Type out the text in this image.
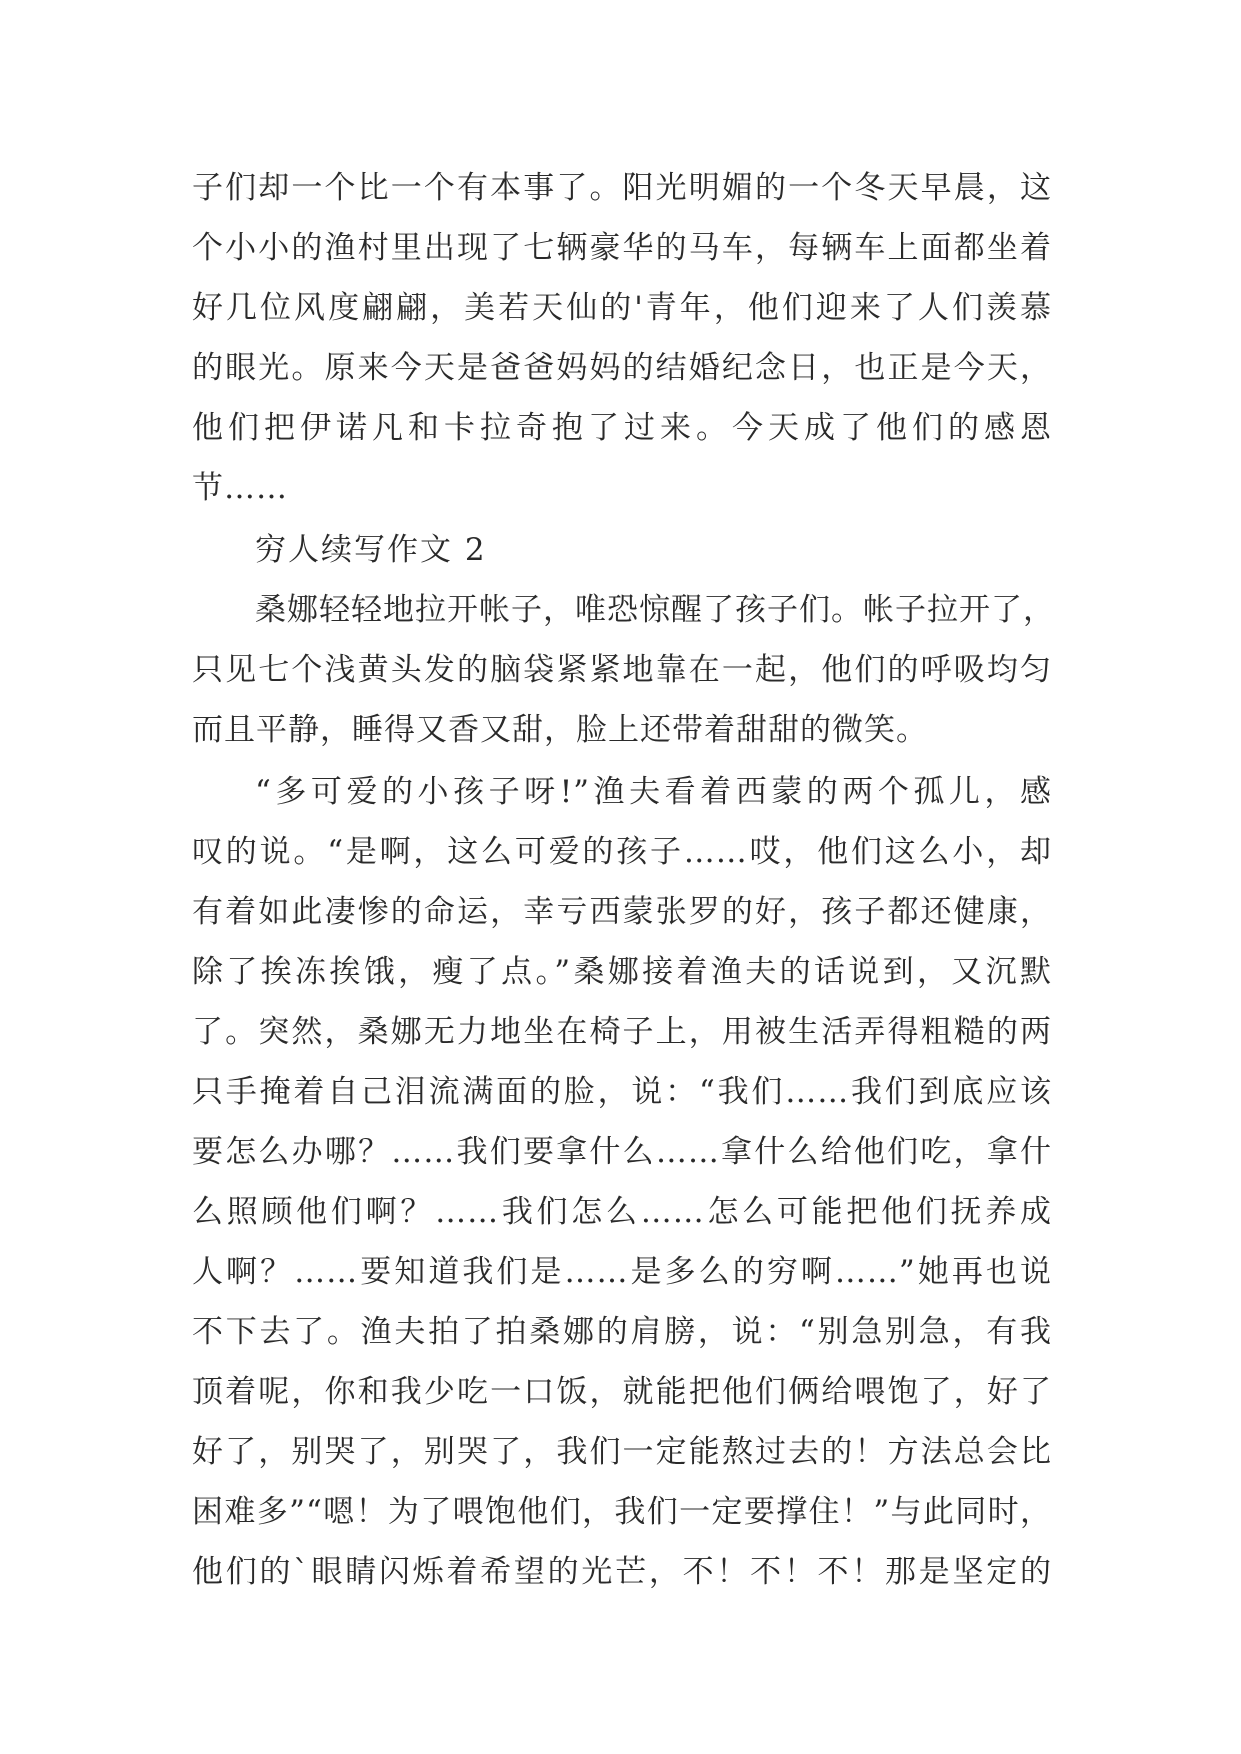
子们却一个比一个有本事了。阳光明媚的一个冬天早晨，这
个小小的渔村里出现了七辆豪华的马车，每辆车上面都坐着
好几位风度翩翩，美若天仙的'青年，他们迎来了人们羡慕
的眼光。原来今天是爸爸妈妈的结婚纪念日，也正是今天，
他们把伊诺凡和卡拉奇抱了过来。今天成了他们的感恩
节……
穷人续写作文 2
桑娜轻轻地拉开帐子，唯恐惊醒了孩子们。帐子拉开了，
只见七个浅黄头发的脑袋紧紧地靠在一起，他们的呼吸均匀
而且平静，睡得又香又甜，脸上还带着甜甜的微笑。
“多可爱的小孩子呀!”渔夫看着西蒙的两个孤儿，感
叹的说。“是啊，这么可爱的孩子……哎，他们这么小，却
有着如此凄惨的命运，幸亏西蒙张罗的好，孩子都还健康，
除了挨冻挨饿，瘦了点。”桑娜接着渔夫的话说到，又沉默
了。突然，桑娜无力地坐在椅子上，用被生活弄得粗糙的两
只手掩着自己泪流满面的脸，说：“我们……我们到底应该
要怎么办哪？……我们要拿什么……拿什么给他们吃，拿什
么照顾他们啊？……我们怎么……怎么可能把他们抚养成
人啊？……要知道我们是……是多么的穷啊……”她再也说
不下去了。渔夫拍了拍桑娜的肩膀，说：“别急别急，有我
顶着呢，你和我少吃一口饭，就能把他们俩给喂饱了，好了
好了，别哭了，别哭了，我们一定能熬过去的！方法总会比
困难多”“嗯！为了喂饱他们，我们一定要撑住！”与此同时，
他们的`眼睛闪烁着希望的光芒，不！不！不！那是坚定的
